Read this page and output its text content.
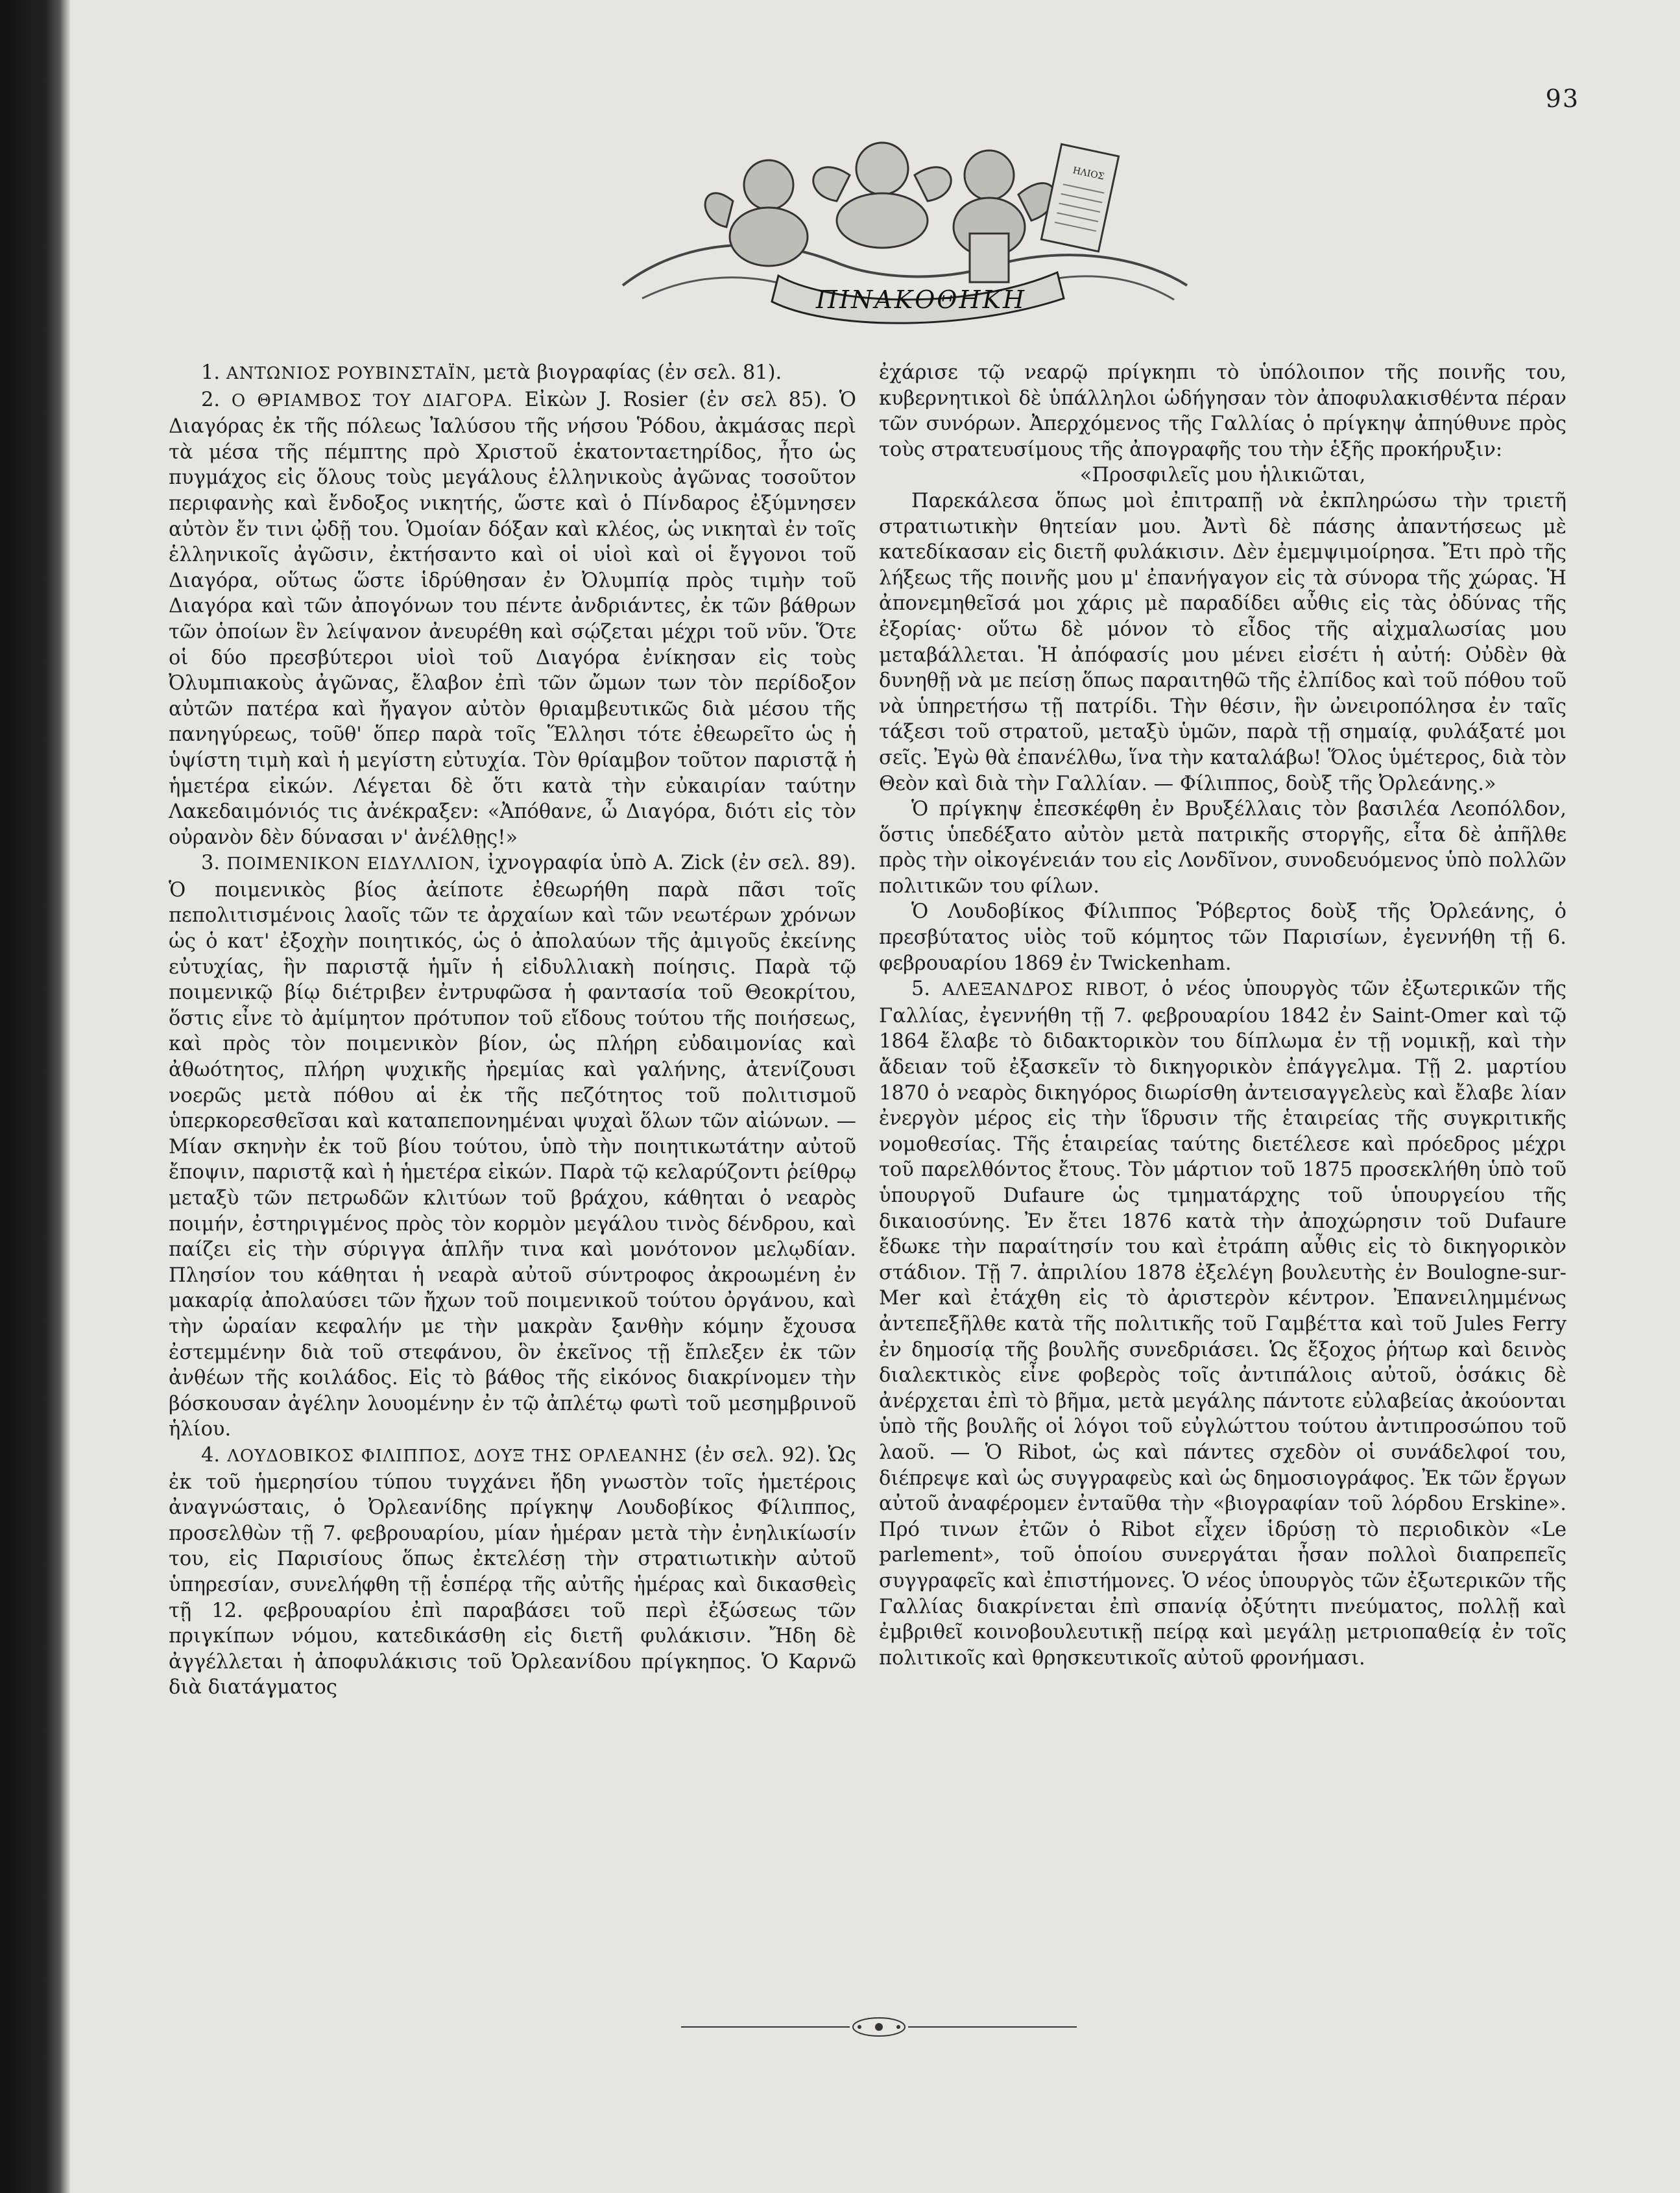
93
ΗΛΙΟΣ
ΠΙΝΑΚΟΘΗΚΗ

1. ΑΝΤΩΝΙΟΣ ΡΟΥΒΙΝΣΤΑΪΝ, μετὰ βιογραφίας (ἐν σελ. 81).

2. Ο ΘΡΙΑΜΒΟΣ ΤΟΥ ΔΙΑΓΟΡΑ. Εἰκὼν J. Rosier (ἐν σελ 85). Ὁ Διαγόρας ἐκ τῆς πόλεως Ἰαλύσου τῆς νήσου Ῥόδου, ἀκμάσας περὶ τὰ μέσα τῆς πέμπτης πρὸ Χριστοῦ ἑκατονταετηρίδος, ἦτο ὡς πυγμάχος εἰς ὅλους τοὺς μεγάλους ἑλληνικοὺς ἀγῶνας τοσοῦτον περιφανὴς καὶ ἔνδοξος νικητής, ὥστε καὶ ὁ Πίνδαρος ἐξύμνησεν αὐτὸν ἔν τινι ᾠδῇ του. Ὁμοίαν δόξαν καὶ κλέος, ὡς νικηταὶ ἐν τοῖς ἑλληνικοῖς ἀγῶσιν, ἐκτήσαντο καὶ οἱ υἱοὶ καὶ οἱ ἔγγονοι τοῦ Διαγόρα, οὕτως ὥστε ἱδρύθησαν ἐν Ὀλυμπίᾳ πρὸς τιμὴν τοῦ Διαγόρα καὶ τῶν ἀπογόνων του πέντε ἀνδριάντες, ἐκ τῶν βάθρων τῶν ὁποίων ἓν λείψανον ἀνευρέθη καὶ σῴζεται μέχρι τοῦ νῦν. Ὅτε οἱ δύο πρεσβύτεροι υἱοὶ τοῦ Διαγόρα ἐνίκησαν εἰς τοὺς Ὀλυμπιακοὺς ἀγῶνας, ἔλαβον ἐπὶ τῶν ὤμων των τὸν περίδοξον αὐτῶν πατέρα καὶ ἤγαγον αὐτὸν θριαμβευτικῶς διὰ μέσου τῆς πανηγύρεως, τοῦθ' ὅπερ παρὰ τοῖς Ἕλλησι τότε ἐθεωρεῖτο ὡς ἡ ὑψίστη τιμὴ καὶ ἡ μεγίστη εὐτυχία. Τὸν θρίαμβον τοῦτον παριστᾷ ἡ ἡμετέρα εἰκών. Λέγεται δὲ ὅτι κατὰ τὴν εὐκαιρίαν ταύτην Λακεδαιμόνιός τις ἀνέκραξεν: «Ἀπόθανε, ὦ Διαγόρα, διότι εἰς τὸν οὐρανὸν δὲν δύνασαι ν' ἀνέλθῃς!»

3. ΠΟΙΜΕΝΙΚΟΝ ΕΙΔΥΛΛΙΟΝ, ἰχνογραφία ὑπὸ A. Zick (ἐν σελ. 89). Ὁ ποιμενικὸς βίος ἀείποτε ἐθεωρήθη παρὰ πᾶσι τοῖς πεπολιτισμένοις λαοῖς τῶν τε ἀρχαίων καὶ τῶν νεωτέρων χρόνων ὡς ὁ κατ' ἐξοχὴν ποιητικός, ὡς ὁ ἀπολαύων τῆς ἀμιγοῦς ἐκείνης εὐτυχίας, ἣν παριστᾷ ἡμῖν ἡ εἰδυλλιακὴ ποίησις. Παρὰ τῷ ποιμενικῷ βίῳ διέτριβεν ἐντρυφῶσα ἡ φαντασία τοῦ Θεοκρίτου, ὅστις εἶνε τὸ ἀμίμητον πρότυπον τοῦ εἴδους τούτου τῆς ποιήσεως, καὶ πρὸς τὸν ποιμενικὸν βίον, ὡς πλήρη εὐδαιμονίας καὶ ἀθωότητος, πλήρη ψυχικῆς ἠρεμίας καὶ γαλήνης, ἀτενίζουσι νοερῶς μετὰ πόθου αἱ ἐκ τῆς πεζότητος τοῦ πολιτισμοῦ ὑπερκορεσθεῖσαι καὶ καταπεπονημέναι ψυχαὶ ὅλων τῶν αἰώνων. — Μίαν σκηνὴν ἐκ τοῦ βίου τούτου, ὑπὸ τὴν ποιητικωτάτην αὐτοῦ ἔποψιν, παριστᾷ καὶ ἡ ἡμετέρα εἰκών. Παρὰ τῷ κελαρύζοντι ῥείθρῳ μεταξὺ τῶν πετρωδῶν κλιτύων τοῦ βράχου, κάθηται ὁ νεαρὸς ποιμήν, ἐστηριγμένος πρὸς τὸν κορμὸν μεγάλου τινὸς δένδρου, καὶ παίζει εἰς τὴν σύριγγα ἁπλῆν τινα καὶ μονότονον μελῳδίαν. Πλησίον του κάθηται ἡ νεαρὰ αὐτοῦ σύντροφος ἀκροωμένη ἐν μακαρίᾳ ἀπολαύσει τῶν ἤχων τοῦ ποιμενικοῦ τούτου ὀργάνου, καὶ τὴν ὡραίαν κεφαλήν με τὴν μακρὰν ξανθὴν κόμην ἔχουσα ἐστεμμένην διὰ τοῦ στεφάνου, ὃν ἐκεῖνος τῇ ἔπλεξεν ἐκ τῶν ἀνθέων τῆς κοιλάδος. Εἰς τὸ βάθος τῆς εἰκόνος διακρίνομεν τὴν βόσκουσαν ἀγέλην λουομένην ἐν τῷ ἀπλέτῳ φωτὶ τοῦ μεσημβρινοῦ ἡλίου.

4. ΛΟΥΔΟΒΙΚΟΣ ΦΙΛΙΠΠΟΣ, ΔΟΥΞ ΤΗΣ ΟΡΛΕΑΝΗΣ (ἐν σελ. 92). Ὡς ἐκ τοῦ ἡμερησίου τύπου τυγχάνει ἤδη γνωστὸν τοῖς ἡμετέροις ἀναγνώσταις, ὁ Ὀρλεανίδης πρίγκηψ Λουδοβίκος Φίλιππος, προσελθὼν τῇ 7. φεβρουαρίου, μίαν ἡμέραν μετὰ τὴν ἐνηλικίωσίν του, εἰς Παρισίους ὅπως ἐκτελέσῃ τὴν στρατιωτικὴν αὐτοῦ ὑπηρεσίαν, συνελήφθη τῇ ἑσπέρᾳ τῆς αὐτῆς ἡμέρας καὶ δικασθεὶς τῇ 12. φεβρουαρίου ἐπὶ παραβάσει τοῦ περὶ ἐξώσεως τῶν πριγκίπων νόμου, κατεδικάσθη εἰς διετῆ φυλάκισιν. Ἤδη δὲ ἀγγέλλεται ἡ ἀποφυλάκισις τοῦ Ὀρλεανίδου πρίγκηπος. Ὁ Καρνῶ διὰ διατάγματος

ἐχάρισε τῷ νεαρῷ πρίγκηπι τὸ ὑπόλοιπον τῆς ποινῆς του, κυβερνητικοὶ δὲ ὑπάλληλοι ὡδήγησαν τὸν ἀποφυλακισθέντα πέραν τῶν συνόρων. Ἀπερχόμενος τῆς Γαλλίας ὁ πρίγκηψ ἀπηύθυνε πρὸς τοὺς στρατευσίμους τῆς ἀπογραφῆς του τὴν ἑξῆς προκήρυξιν:

«Προσφιλεῖς μου ἡλικιῶται,

Παρεκάλεσα ὅπως μοὶ ἐπιτραπῇ νὰ ἐκπληρώσω τὴν τριετῆ στρατιωτικὴν θητείαν μου. Ἀντὶ δὲ πάσης ἀπαντήσεως μὲ κατεδίκασαν εἰς διετῆ φυλάκισιν. Δὲν ἐμεμψιμοίρησα. Ἔτι πρὸ τῆς λήξεως τῆς ποινῆς μου μ' ἐπανήγαγον εἰς τὰ σύνορα τῆς χώρας. Ἡ ἀπονεμηθεῖσά μοι χάρις μὲ παραδίδει αὖθις εἰς τὰς ὀδύνας τῆς ἐξορίας· οὕτω δὲ μόνον τὸ εἶδος τῆς αἰχμαλωσίας μου μεταβάλλεται. Ἡ ἀπόφασίς μου μένει εἰσέτι ἡ αὐτή: Οὐδὲν θὰ δυνηθῇ νὰ με πείσῃ ὅπως παραιτηθῶ τῆς ἐλπίδος καὶ τοῦ πόθου τοῦ νὰ ὑπηρετήσω τῇ πατρίδι. Τὴν θέσιν, ἣν ὠνειροπόλησα ἐν ταῖς τάξεσι τοῦ στρατοῦ, μεταξὺ ὑμῶν, παρὰ τῇ σημαίᾳ, φυλάξατέ μοι σεῖς. Ἐγὼ θὰ ἐπανέλθω, ἵνα τὴν καταλάβω! Ὅλος ὑμέτερος, διὰ τὸν Θεὸν καὶ διὰ τὴν Γαλλίαν. — Φίλιππος, δοὺξ τῆς Ὀρλεάνης.»

Ὁ πρίγκηψ ἐπεσκέφθη ἐν Βρυξέλλαις τὸν βασιλέα Λεοπόλδον, ὅστις ὑπεδέξατο αὐτὸν μετὰ πατρικῆς στοργῆς, εἶτα δὲ ἀπῆλθε πρὸς τὴν οἰκογένειάν του εἰς Λονδῖνον, συνοδευόμενος ὑπὸ πολλῶν πολιτικῶν του φίλων.

Ὁ Λουδοβίκος Φίλιππος Ῥόβερτος δοὺξ τῆς Ὀρλεάνης, ὁ πρεσβύτατος υἱὸς τοῦ κόμητος τῶν Παρισίων, ἐγεννήθη τῇ 6. φεβρουαρίου 1869 ἐν Twickenham.

5. ΑΛΕΞΑΝΔΡΟΣ RIBOT, ὁ νέος ὑπουργὸς τῶν ἐξωτερικῶν τῆς Γαλλίας, ἐγεννήθη τῇ 7. φεβρουαρίου 1842 ἐν Saint-Omer καὶ τῷ 1864 ἔλαβε τὸ διδακτορικὸν του δίπλωμα ἐν τῇ νομικῇ, καὶ τὴν ἄδειαν τοῦ ἐξασκεῖν τὸ δικηγορικὸν ἐπάγγελμα. Τῇ 2. μαρτίου 1870 ὁ νεαρὸς δικηγόρος διωρίσθη ἀντεισαγγελεὺς καὶ ἔλαβε λίαν ἐνεργὸν μέρος εἰς τὴν ἵδρυσιν τῆς ἑταιρείας τῆς συγκριτικῆς νομοθεσίας. Τῆς ἑταιρείας ταύτης διετέλεσε καὶ πρόεδρος μέχρι τοῦ παρελθόντος ἔτους. Τὸν μάρτιον τοῦ 1875 προσεκλήθη ὑπὸ τοῦ ὑπουργοῦ Dufaure ὡς τμηματάρχης τοῦ ὑπουργείου τῆς δικαιοσύνης. Ἐν ἔτει 1876 κατὰ τὴν ἀποχώρησιν τοῦ Dufaure ἔδωκε τὴν παραίτησίν του καὶ ἐτράπη αὖθις εἰς τὸ δικηγορικὸν στάδιον. Τῇ 7. ἀπριλίου 1878 ἐξελέγη βουλευτὴς ἐν Boulogne-sur-Mer καὶ ἐτάχθη εἰς τὸ ἀριστερὸν κέντρον. Ἐπανειλημμένως ἀντεπεξῆλθε κατὰ τῆς πολιτικῆς τοῦ Γαμβέττα καὶ τοῦ Jules Ferry ἐν δημοσίᾳ τῆς βουλῆς συνεδριάσει. Ὡς ἔξοχος ῥήτωρ καὶ δεινὸς διαλεκτικὸς εἶνε φοβερὸς τοῖς ἀντιπάλοις αὐτοῦ, ὁσάκις δὲ ἀνέρχεται ἐπὶ τὸ βῆμα, μετὰ μεγάλης πάντοτε εὐλαβείας ἀκούονται ὑπὸ τῆς βουλῆς οἱ λόγοι τοῦ εὐγλώττου τούτου ἀντιπροσώπου τοῦ λαοῦ. — Ὁ Ribot, ὡς καὶ πάντες σχεδὸν οἱ συνάδελφοί του, διέπρεψε καὶ ὡς συγγραφεὺς καὶ ὡς δημοσιογράφος. Ἐκ τῶν ἔργων αὐτοῦ ἀναφέρομεν ἐνταῦθα τὴν «βιογραφίαν τοῦ λόρδου Erskine». Πρό τινων ἐτῶν ὁ Ribot εἶχεν ἱδρύσῃ τὸ περιοδικὸν «Le parlement», τοῦ ὁποίου συνεργάται ἦσαν πολλοὶ διαπρεπεῖς συγγραφεῖς καὶ ἐπιστήμονες. Ὁ νέος ὑπουργὸς τῶν ἐξωτερικῶν τῆς Γαλλίας διακρίνεται ἐπὶ σπανίᾳ ὀξύτητι πνεύματος, πολλῇ καὶ ἐμβριθεῖ κοινοβουλευτικῇ πείρᾳ καὶ μεγάλῃ μετριοπαθείᾳ ἐν τοῖς πολιτικοῖς καὶ θρησκευτικοῖς αὐτοῦ φρονήμασι.
